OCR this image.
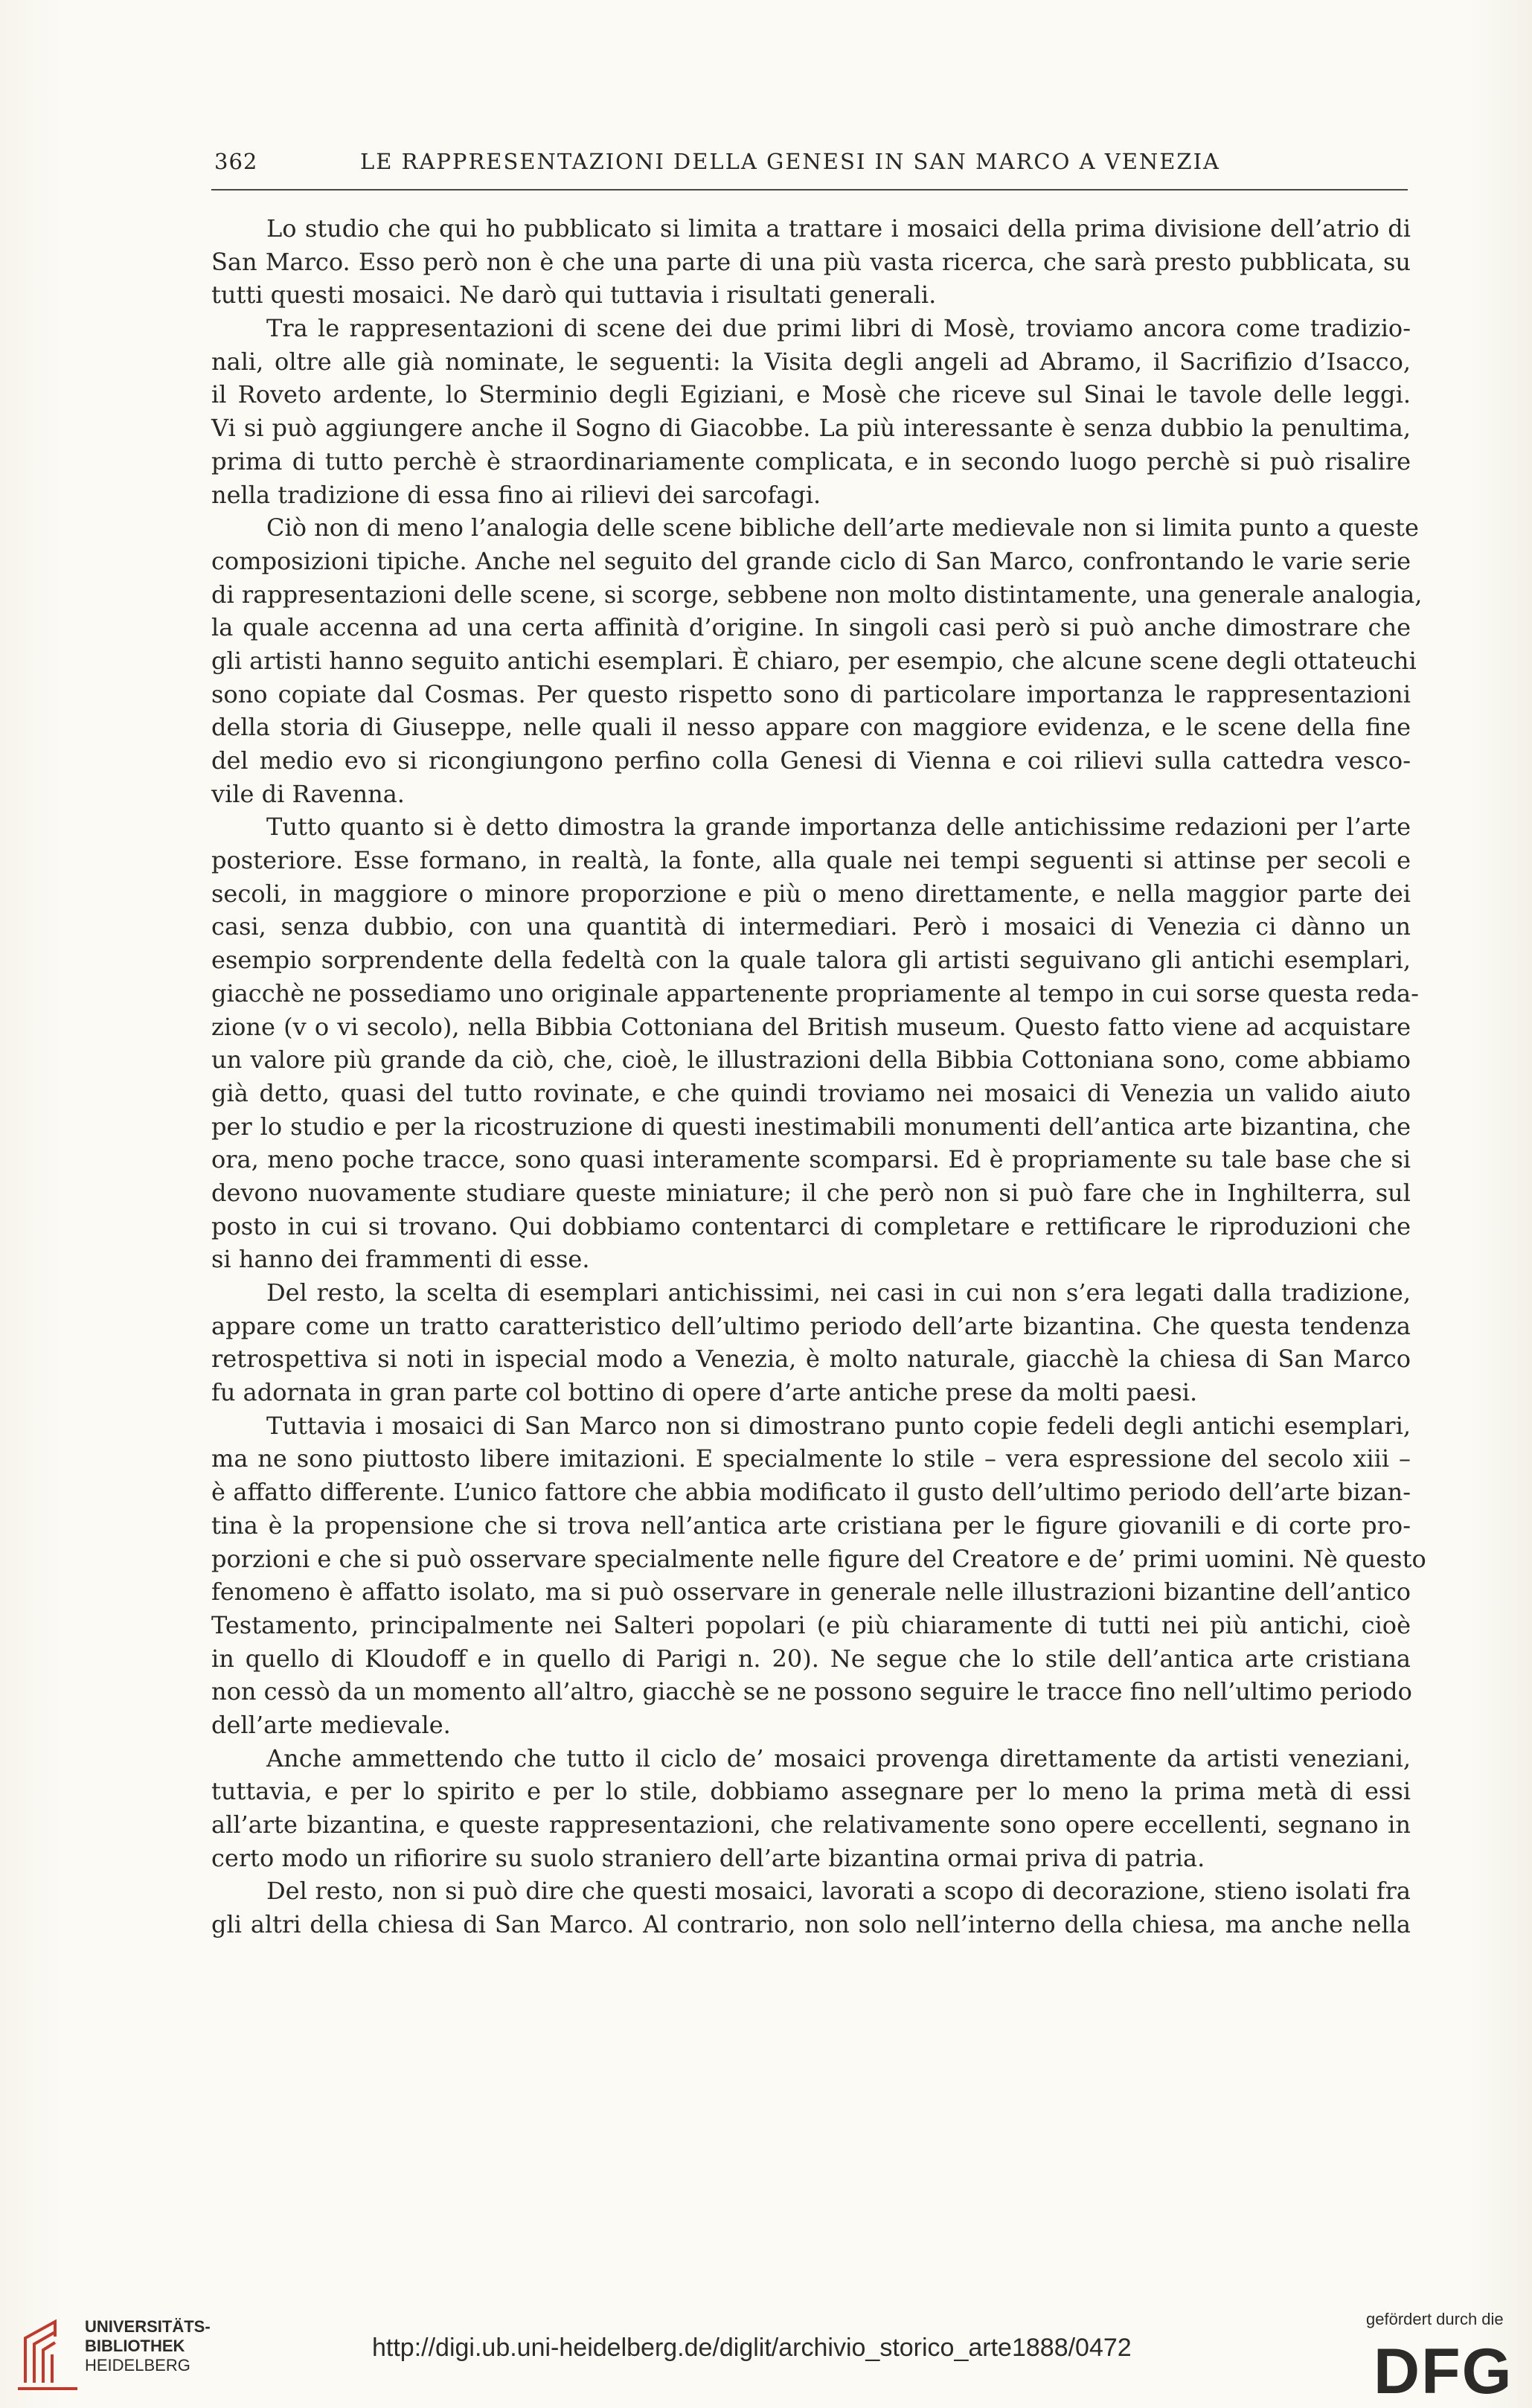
362	LE RAPPRESENTAZIONI DELLA GENESI IN SAN MARCO A VENEZIA
Lo studio che qui ho pubblicato si limita a trattare i mosaici della prima divisione dell’atrio di
San Marco. Esso però non è che una parte di una più vasta ricerca, che sarà presto pubblicata, su
tutti questi mosaici. Ne darò qui tuttavia i risultati generali.
Tra le rappresentazioni di scene dei due primi libri di Mosè, troviamo ancora come tradizio-
nali, oltre alle già nominate, le seguenti: la Visita degli angeli ad Abramo, il Sacrifizio d’Isacco,
il Roveto ardente, lo Sterminio degli Egiziani, e Mosè che riceve sul Sinai le tavole delle leggi.
Vi si può aggiungere anche il Sogno di Giacobbe. La più interessante è senza dubbio la penultima,
prima di tutto perchè è straordinariamente complicata, e in secondo luogo perchè si può risalire
nella tradizione di essa fino ai rilievi dei sarcofagi.
Ciò non di meno l’analogia delle scene bibliche dell’arte medievale non si limita punto a queste
composizioni tipiche. Anche nel seguito del grande ciclo di San Marco, confrontando le varie serie
di rappresentazioni delle scene, si scorge, sebbene non molto distintamente, una generale analogia,
la quale accenna ad una certa affinità d’origine. In singoli casi però si può anche dimostrare che
gli artisti hanno seguito antichi esemplari. È chiaro, per esempio, che alcune scene degli ottateuchi
sono copiate dal Cosmas. Per questo rispetto sono di particolare importanza le rappresentazioni
della storia di Giuseppe, nelle quali il nesso appare con maggiore evidenza, e le scene della fine
del medio evo si ricongiungono perfino colla Genesi di Vienna e coi rilievi sulla cattedra vesco-
vile di Ravenna.
Tutto quanto si è detto dimostra la grande importanza delle antichissime redazioni per l’arte
posteriore. Esse formano, in realtà, la fonte, alla quale nei tempi seguenti si attinse per secoli e
secoli, in maggiore o minore proporzione e più o meno direttamente, e nella maggior parte dei
casi, senza dubbio, con una quantità di intermediari. Però i mosaici di Venezia ci dànno un
esempio sorprendente della fedeltà con la quale talora gli artisti seguivano gli antichi esemplari,
giacchè ne possediamo uno originale appartenente propriamente al tempo in cui sorse questa reda-
zione (v o vi secolo), nella Bibbia Cottoniana del British museum. Questo fatto viene ad acquistare
un valore più grande da ciò, che, cioè, le illustrazioni della Bibbia Cottoniana sono, come abbiamo
già detto, quasi del tutto rovinate, e che quindi troviamo nei mosaici di Venezia un valido aiuto
per lo studio e per la ricostruzione di questi inestimabili monumenti dell’antica arte bizantina, che
ora, meno poche tracce, sono quasi interamente scomparsi. Ed è propriamente su tale base che si
devono nuovamente studiare queste miniature; il che però non si può fare che in Inghilterra, sul
posto in cui si trovano. Qui dobbiamo contentarci di completare e rettificare le riproduzioni che
si hanno dei frammenti di esse.
Del resto, la scelta di esemplari antichissimi, nei casi in cui non s’era legati dalla tradizione,
appare come un tratto caratteristico dell’ultimo periodo dell’arte bizantina. Che questa tendenza
retrospettiva si noti in ispecial modo a Venezia, è molto naturale, giacchè la chiesa di San Marco
fu adornata in gran parte col bottino di opere d’arte antiche prese da molti paesi.
Tuttavia i mosaici di San Marco non si dimostrano punto copie fedeli degli antichi esemplari,
ma ne sono piuttosto libere imitazioni. E specialmente lo stile – vera espressione del secolo xiii –
è affatto differente. L’unico fattore che abbia modificato il gusto dell’ultimo periodo dell’arte bizan-
tina è la propensione che si trova nell’antica arte cristiana per le figure giovanili e di corte pro-
porzioni e che si può osservare specialmente nelle figure del Creatore e de’ primi uomini. Nè questo
fenomeno è affatto isolato, ma si può osservare in generale nelle illustrazioni bizantine dell’antico
Testamento, principalmente nei Salteri popolari (e più chiaramente di tutti nei più antichi, cioè
in quello di Kloudoff e in quello di Parigi n. 20). Ne segue che lo stile dell’antica arte cristiana
non cessò da un momento all’altro, giacchè se ne possono seguire le tracce fino nell’ultimo periodo
dell’arte medievale.
Anche ammettendo che tutto il ciclo de’ mosaici provenga direttamente da artisti veneziani,
tuttavia, e per lo spirito e per lo stile, dobbiamo assegnare per lo meno la prima metà di essi
all’arte bizantina, e queste rappresentazioni, che relativamente sono opere eccellenti, segnano in
certo modo un rifiorire su suolo straniero dell’arte bizantina ormai priva di patria.
Del resto, non si può dire che questi mosaici, lavorati a scopo di decorazione, stieno isolati fra
gli altri della chiesa di San Marco. Al contrario, non solo nell’interno della chiesa, ma anche nella
UNIVERSITÄTS-
BIBLIOTHEK
HEIDELBERG
http://digi.ub.uni-heidelberg.de/diglit/archivio_storico_arte1888/0472
gefördert durch die
DFG
